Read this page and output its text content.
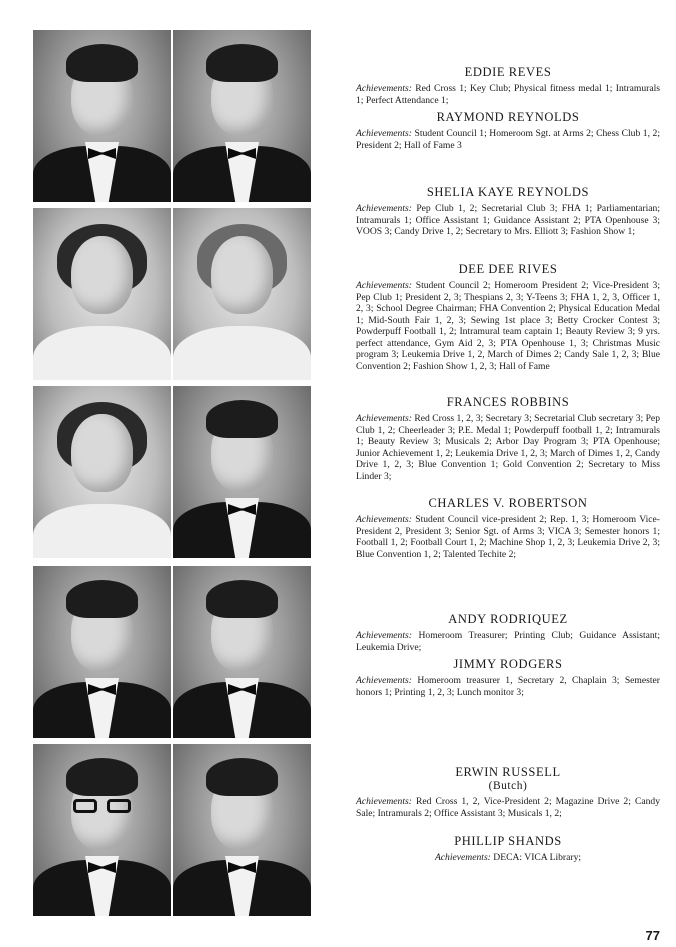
EDDIE REVES

Achievements: Red Cross 1; Key Club; Physical fitness medal 1; Intramurals 1; Perfect Attendance 1;

RAYMOND REYNOLDS

Achievements: Student Council 1; Homeroom Sgt. at Arms 2; Chess Club 1, 2; President 2; Hall of Fame 3

SHELIA KAYE REYNOLDS

Achievements: Pep Club 1, 2; Secretarial Club 3; FHA 1; Parliamentarian; Intramurals 1; Office Assistant 1; Guidance Assistant 2; PTA Openhouse 3; VOOS 3; Candy Drive 1, 2; Secretary to Mrs. Elliott 3; Fashion Show 1;

DEE DEE RIVES

Achievements: Student Council 2; Homeroom President 2; Vice-President 3; Pep Club 1; President 2, 3; Thespians 2, 3; Y-Teens 3; FHA 1, 2, 3, Officer 1, 2, 3; School Degree Chairman; FHA Convention 2; Physical Education Medal 1; Mid-South Fair 1, 2, 3; Sewing 1st place 3; Betty Crocker Contest 3; Powderpuff Football 1, 2; Intramural team captain 1; Beauty Review 3; 9 yrs. perfect attendance, Gym Aid 2, 3; PTA Openhouse 1, 3; Christmas Music program 3; Leukemia Drive 1, 2, March of Dimes 2; Candy Sale 1, 2, 3; Blue Convention 2; Fashion Show 1, 2, 3; Hall of Fame

FRANCES ROBBINS

Achievements: Red Cross 1, 2, 3; Secretary 3; Secretarial Club secretary 3; Pep Club 1, 2; Cheerleader 3; P.E. Medal 1; Powderpuff football 1, 2; Intramurals 1; Beauty Review 3; Musicals 2; Arbor Day Program 3; PTA Openhouse; Junior Achievement 1, 2; Leukemia Drive 1, 2, 3; March of Dimes 1, 2, Candy Drive 1, 2, 3; Blue Convention 1; Gold Convention 2; Secretary to Miss Linder 3;

CHARLES V. ROBERTSON

Achievements: Student Council vice-president 2; Rep. 1, 3; Homeroom Vice-President 2, President 3; Senior Sgt. of Arms 3; VICA 3; Semester honors 1; Football 1, 2; Football Court 1, 2; Machine Shop 1, 2, 3; Leukemia Drive 2, 3; Blue Convention 1, 2; Talented Techite 2;

ANDY RODRIQUEZ

Achievements: Homeroom Treasurer; Printing Club; Guidance Assistant; Leukemia Drive;

JIMMY RODGERS

Achievements: Homeroom treasurer 1, Secretary 2, Chaplain 3; Semester honors 1; Printing 1, 2, 3; Lunch monitor 3;

ERWIN RUSSELL
(Butch)

Achievements: Red Cross 1, 2, Vice-President 2; Magazine Drive 2; Candy Sale; Intramurals 2; Office Assistant 3; Musicals 1, 2;

PHILLIP SHANDS

Achievements: DECA: VICA Library;

77
